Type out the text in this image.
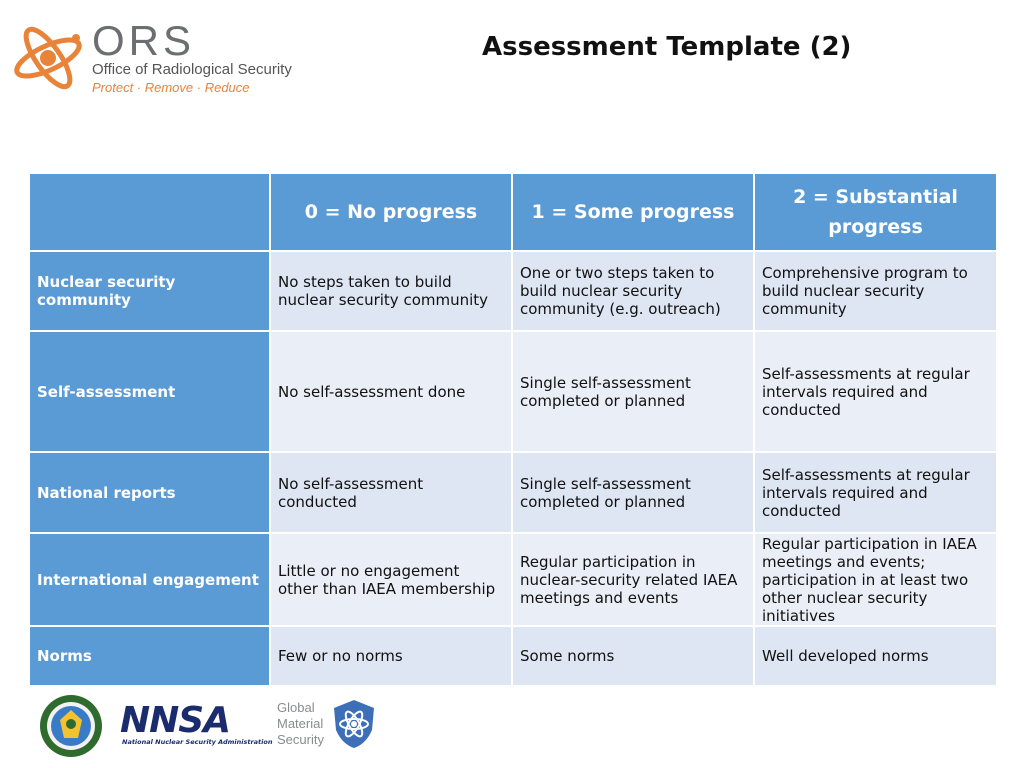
ORS
Office of Radiological Security
Protect · Remove · Reduce
Assessment Template (2)
	0 = No progress	1 = Some progress	2 = Substantial progress
Nuclear security community	No steps taken to build nuclear security community	One or two steps taken to build nuclear security community (e.g. outreach)	Comprehensive program to build nuclear security community
Self-assessment	No self-assessment done	Single self-assessment completed or planned	Self-assessments at regular intervals required and conducted
National reports	No self-assessment conducted	Single self-assessment completed or planned	Self-assessments at regular intervals required and conducted
International engagement	Little or no engagement other than IAEA membership	Regular participation in nuclear-security related IAEA meetings and events	Regular participation in IAEA meetings and events; participation in at least two other nuclear security initiatives
Norms	Few or no norms	Some norms	Well developed norms
NNSA
National Nuclear Security Administration
Global
Material
Security
